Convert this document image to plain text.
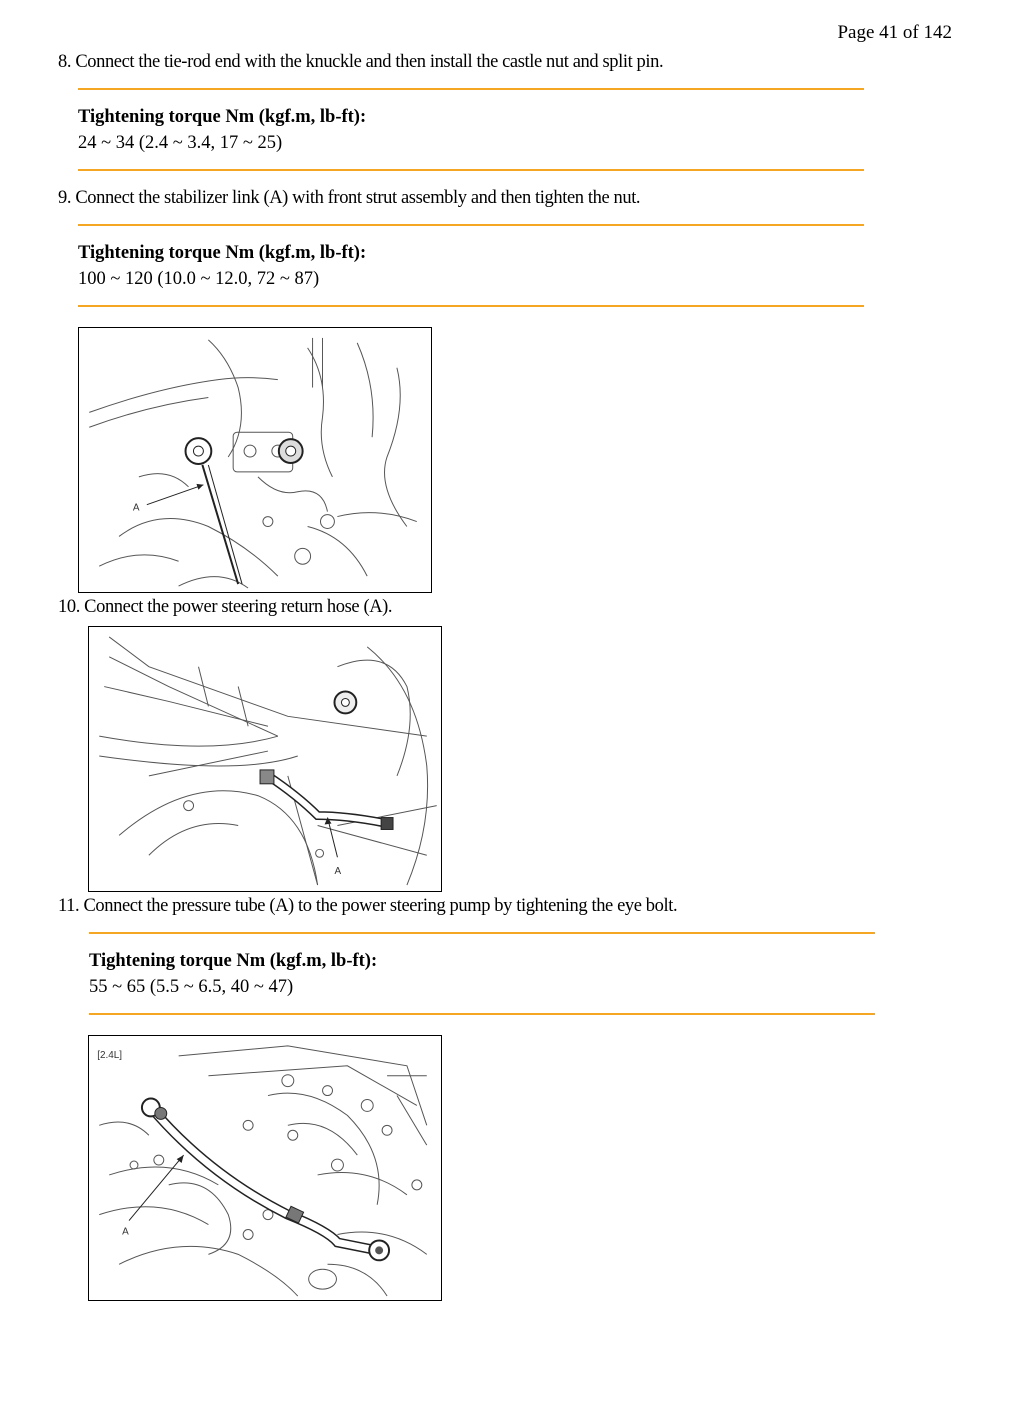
Page 41 of 142
8. Connect the tie-rod end with the knuckle and then install the castle nut and split pin.
Tightening torque Nm (kgf.m, lb-ft):
24 ~ 34 (2.4 ~ 3.4, 17 ~ 25)
9. Connect the stabilizer link (A) with front strut assembly and then tighten the nut.
Tightening torque Nm (kgf.m, lb-ft):
100 ~ 120 (10.0 ~ 12.0, 72 ~ 87)
A
10. Connect the power steering return hose (A).
A
11. Connect the pressure tube (A) to the power steering pump by tightening the eye bolt.
Tightening torque Nm (kgf.m, lb-ft):
55 ~ 65 (5.5 ~ 6.5, 40 ~ 47)
[2.4L]
A
